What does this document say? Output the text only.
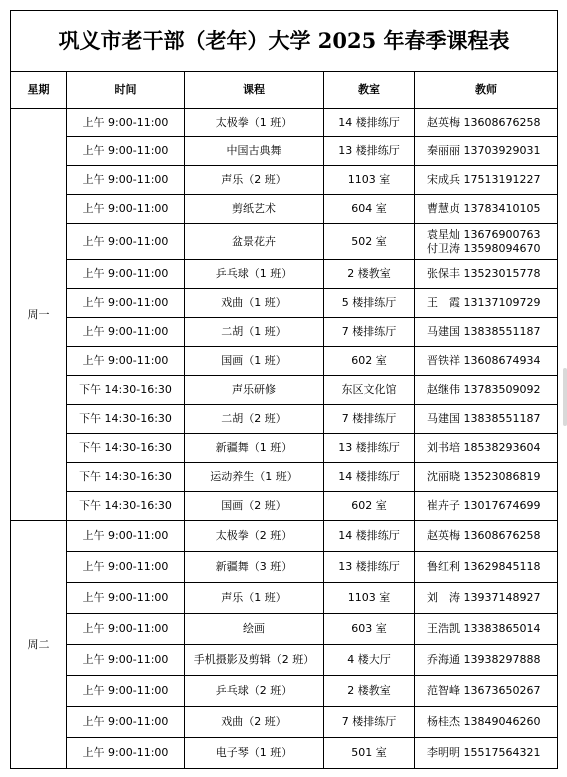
巩义市老干部（老年）大学 2025 年春季课程表				
星期	时间	课程	教室	教师
周一	上午 9:00-11:00	太极拳（1 班）	14 楼排练厅	赵英梅 13608676258

	上午 9:00-11:00	中国古典舞	13 楼排练厅	秦丽丽 13703929031

	上午 9:00-11:00	声乐（2 班）	1103 室	宋成兵 17513191227

	上午 9:00-11:00	剪纸艺术	604 室	曹慧贞 13783410105

	上午 9:00-11:00	盆景花卉	502 室	袁星灿 13676900763
付卫涛 13598094670

	上午 9:00-11:00	乒乓球（1 班）	2 楼教室	张保丰 13523015778

	上午 9:00-11:00	戏曲（1 班）	5 楼排练厅	王　霞 13137109729

	上午 9:00-11:00	二胡（1 班）	7 楼排练厅	马建国 13838551187

	上午 9:00-11:00	国画（1 班）	602 室	晋铁祥 13608674934

	下午 14:30-16:30	声乐研修	东区文化馆	赵继伟 13783509092

	下午 14:30-16:30	二胡（2 班）	7 楼排练厅	马建国 13838551187

	下午 14:30-16:30	新疆舞（1 班）	13 楼排练厅	刘书培 18538293604

	下午 14:30-16:30	运动养生（1 班）	14 楼排练厅	沈丽晓 13523086819

	下午 14:30-16:30	国画（2 班）	602 室	崔卉子 13017674699

周二	上午 9:00-11:00	太极拳（2 班）	14 楼排练厅	赵英梅 13608676258

	上午 9:00-11:00	新疆舞（3 班）	13 楼排练厅	鲁红利 13629845118

	上午 9:00-11:00	声乐（1 班）	1103 室	刘　涛 13937148927

	上午 9:00-11:00	绘画	603 室	王浩凯 13383865014

	上午 9:00-11:00	手机摄影及剪辑（2 班）	4 楼大厅	乔海通 13938297888

	上午 9:00-11:00	乒乓球（2 班）	2 楼教室	范智峰 13673650267

	上午 9:00-11:00	戏曲（2 班）	7 楼排练厅	杨桂杰 13849046260

	上午 9:00-11:00	电子琴（1 班）	501 室	李明明 15517564321
